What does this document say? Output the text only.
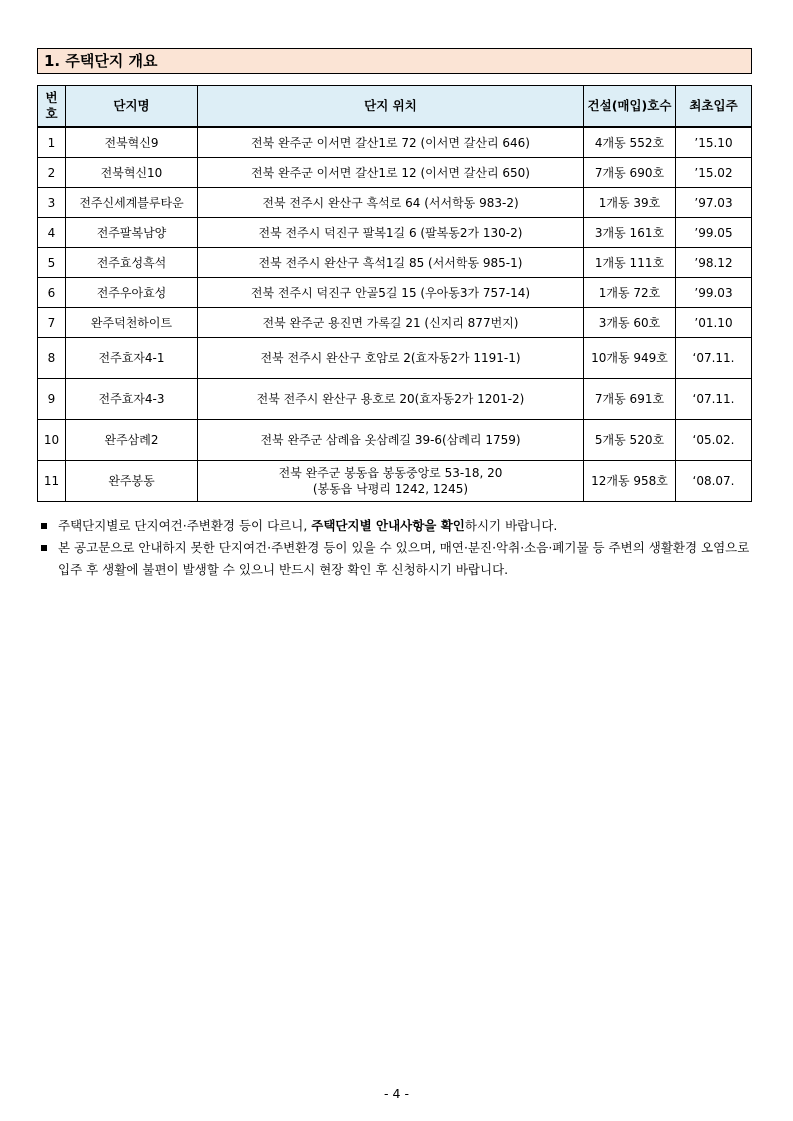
1. 주택단지 개요
번
호	단지명	단지 위치	건설(매입)호수	최초입주
1	전북혁신9	전북 완주군 이서면 갈산1로 72 (이서면 갈산리 646)	4개동 552호	’15.10
2	전북혁신10	전북 완주군 이서면 갈산1로 12 (이서면 갈산리 650)	7개동 690호	’15.02
3	전주신세계블루타운	전북 전주시 완산구 흑석로 64 (서서학동 983-2)	1개동 39호	’97.03
4	전주팔복남양	전북 전주시 덕진구 팔복1길 6 (팔복동2가 130-2)	3개동 161호	’99.05
5	전주효성흑석	전북 전주시 완산구 흑석1길 85 (서서학동 985-1)	1개동 111호	’98.12
6	전주우아효성	전북 전주시 덕진구 안골5길 15 (우아동3가 757-14)	1개동 72호	’99.03
7	완주덕천하이트	전북 완주군 용진면 가록길 21 (신지리 877번지)	3개동 60호	’01.10
8	전주효자4-1	전북 전주시 완산구 호암로 2(효자동2가 1191-1)	10개동 949호	‘07.11.
9	전주효자4-3	전북 전주시 완산구 용호로 20(효자동2가 1201-2)	7개동 691호	‘07.11.
10	완주삼례2	전북 완주군 삼례읍 옷삼례길 39-6(삼례리 1759)	5개동 520호	‘05.02.
11	완주봉동	전북 완주군 봉동읍 봉동중앙로 53-18, 20
(봉동읍 낙평리 1242, 1245)	12개동 958호	‘08.07.
주택단지별로 단지여건·주변환경 등이 다르니, 주택단지별 안내사항을 확인하시기 바랍니다.
본 공고문으로 안내하지 못한 단지여건·주변환경 등이 있을 수 있으며, 매연·분진·악취·소음·폐기물 등 주변의 생활환경 오염으로 입주 후 생활에 불편이 발생할 수 있으니 반드시 현장 확인 후 신청하시기 바랍니다.
- 4 -
